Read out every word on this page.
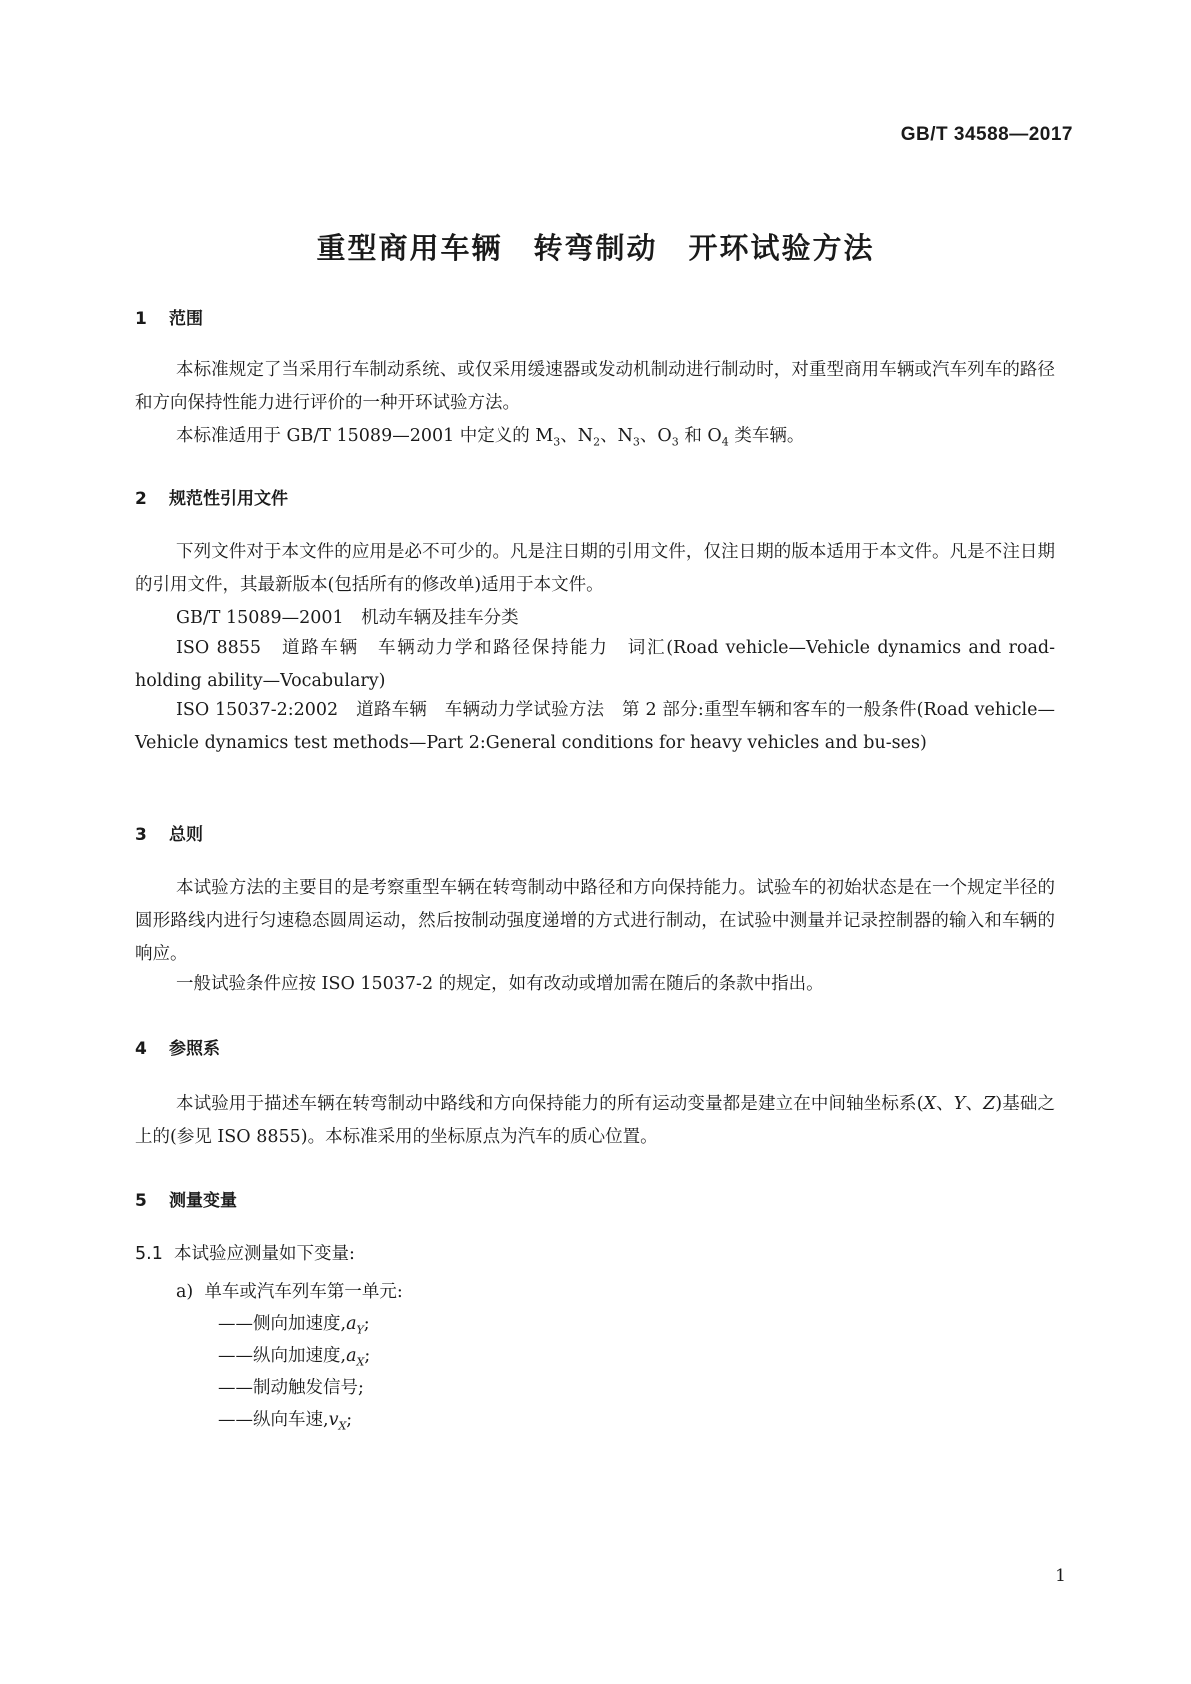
GB/T 34588—2017
重型商用车辆　转弯制动　开环试验方法
1 范围
本标准规定了当采用行车制动系统、或仅采用缓速器或发动机制动进行制动时，对重型商用车辆或汽车列车的路径和方向保持性能力进行评价的一种开环试验方法。
本标准适用于 GB/T 15089—2001 中定义的 $M_3$、$N_2$、$N_3$、$O_3$ 和 $O_4$ 类车辆。
2 规范性引用文件
下列文件对于本文件的应用是必不可少的。凡是注日期的引用文件，仅注日期的版本适用于本文件。凡是不注日期的引用文件，其最新版本(包括所有的修改单)适用于本文件。
GB/T 15089—2001　机动车辆及挂车分类
ISO 8855　道路车辆　车辆动力学和路径保持能力　词汇(Road vehicle—Vehicle dynamics and road-holding ability—Vocabulary)
ISO 15037-2:2002　道路车辆　车辆动力学试验方法　第 2 部分:重型车辆和客车的一般条件(Road vehicle—Vehicle dynamics test methods—Part 2:General conditions for heavy vehicles and bu-ses)
3 总则
本试验方法的主要目的是考察重型车辆在转弯制动中路径和方向保持能力。试验车的初始状态是在一个规定半径的圆形路线内进行匀速稳态圆周运动，然后按制动强度递增的方式进行制动，在试验中测量并记录控制器的输入和车辆的响应。
一般试验条件应按 ISO 15037-2 的规定，如有改动或增加需在随后的条款中指出。
4 参照系
本试验用于描述车辆在转弯制动中路线和方向保持能力的所有运动变量都是建立在中间轴坐标系(X、Y、Z)基础之上的(参见 ISO 8855)。本标准采用的坐标原点为汽车的质心位置。
5 测量变量
5.1 本试验应测量如下变量:
a) 单车或汽车列车第一单元:
——侧向加速度$,a_Y$;
——纵向加速度$,a_X$;
——制动触发信号;
——纵向车速$,v_X$;
1
